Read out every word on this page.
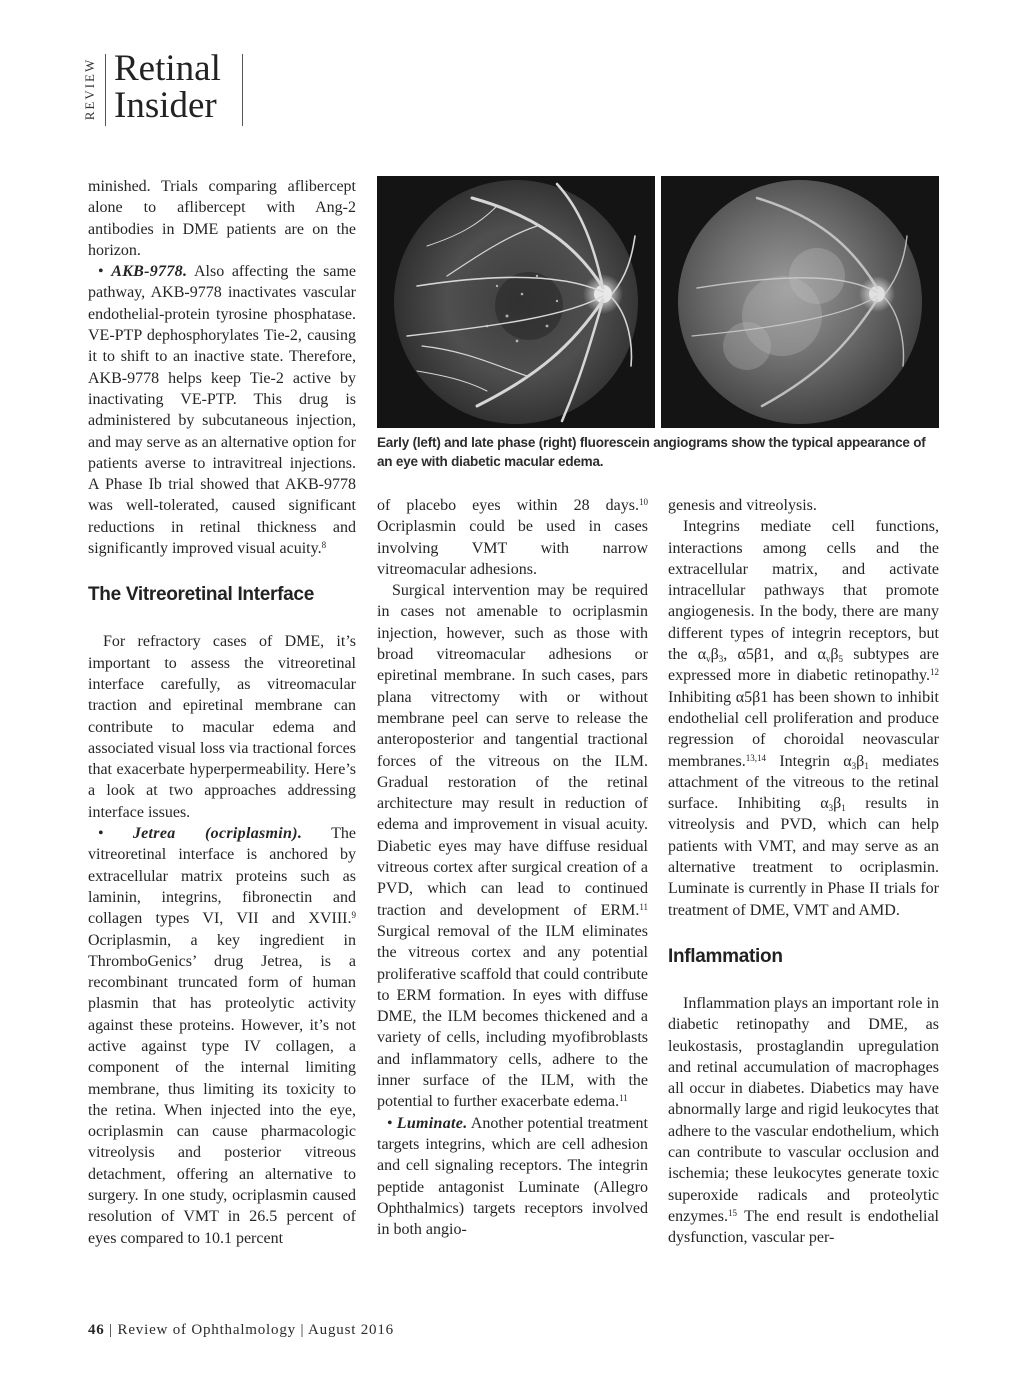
REVIEW Retinal
Insider
Early (left) and late phase (right) fluorescein angiograms show the typical appearance of an eye with diabetic macular edema.

minished. Trials comparing aflibercept alone to aflibercept with Ang-2 antibodies in DME patients are on the horizon.

• AKB-9778. Also affecting the same pathway, AKB-9778 inactivates vascular endothelial-protein tyrosine phosphatase. VE-PTP dephosphorylates Tie-2, causing it to shift to an inactive state. Therefore, AKB-9778 helps keep Tie-2 active by inactivating VE-PTP. This drug is administered by subcutaneous injection, and may serve as an alternative option for patients averse to intravitreal injections. A Phase Ib trial showed that AKB-9778 was well-tolerated, caused significant reductions in retinal thickness and significantly improved visual acuity.$^8$

The Vitreoretinal Interface

For refractory cases of DME, it’s important to assess the vitreoretinal interface carefully, as vitreomacular traction and epiretinal membrane can contribute to macular edema and associated visual loss via tractional forces that exacerbate hyperpermeability. Here’s a look at two approaches addressing interface issues.

• Jetrea (ocriplasmin). The vitreoretinal interface is anchored by extracellular matrix proteins such as laminin, integrins, fibronectin and collagen types VI, VII and XVIII.$^9$ Ocriplasmin, a key ingredient in ThromboGenics’ drug Jetrea, is a recombinant truncated form of human plasmin that has proteolytic activity against these proteins. However, it’s not active against type IV collagen, a component of the internal limiting membrane, thus limiting its toxicity to the retina. When injected into the eye, ocriplasmin can cause pharmacologic vitreolysis and posterior vitreous detachment, offering an alternative to surgery. In one study, ocriplasmin caused resolution of VMT in 26.5 percent of eyes compared to 10.1 percent

of placebo eyes within 28 days.$^{10}$ Ocriplasmin could be used in cases involving VMT with narrow vitreomacular adhesions.

Surgical intervention may be required in cases not amenable to ocriplasmin injection, however, such as those with broad vitreomacular adhesions or epiretinal membrane. In such cases, pars plana vitrectomy with or without membrane peel can serve to release the anteroposterior and tangential tractional forces of the vitreous on the ILM. Gradual restoration of the retinal architecture may result in reduction of edema and improvement in visual acuity. Diabetic eyes may have diffuse residual vitreous cortex after surgical creation of a PVD, which can lead to continued traction and development of ERM.$^{11}$ Surgical removal of the ILM eliminates the vitreous cortex and any potential proliferative scaffold that could contribute to ERM formation. In eyes with diffuse DME, the ILM becomes thickened and a variety of cells, including myofibroblasts and inflammatory cells, adhere to the inner surface of the ILM, with the potential to further exacerbate edema.$^{11}$

• Luminate. Another potential treatment targets integrins, which are cell adhesion and cell signaling receptors. The integrin peptide antagonist Luminate (Allegro Ophthalmics) targets receptors involved in both angio-

genesis and vitreolysis.

Integrins mediate cell functions, interactions among cells and the extracellular matrix, and activate intracellular pathways that promote angiogenesis. In the body, there are many different types of integrin receptors, but the $\alpha_v\beta_3$, α5β1, and $\alpha_v\beta_5$ subtypes are expressed more in diabetic retinopathy.$^{12}$ Inhibiting α5β1 has been shown to inhibit endothelial cell proliferation and produce regression of choroidal neovascular membranes.$^{13,14}$ Integrin $\alpha_3\beta_1$ mediates attachment of the vitreous to the retinal surface. Inhibiting $\alpha_3\beta_1$ results in vitreolysis and PVD, which can help patients with VMT, and may serve as an alternative treatment to ocriplasmin. Luminate is currently in Phase II trials for treatment of DME, VMT and AMD.

Inflammation

Inflammation plays an important role in diabetic retinopathy and DME, as leukostasis, prostaglandin upregulation and retinal accumulation of macrophages all occur in diabetes. Diabetics may have abnormally large and rigid leukocytes that adhere to the vascular endothelium, which can contribute to vascular occlusion and ischemia; these leukocytes generate toxic superoxide radicals and proteolytic enzymes.$^{15}$ The end result is endothelial dysfunction, vascular per-

46 | Review of Ophthalmology | August 2016
